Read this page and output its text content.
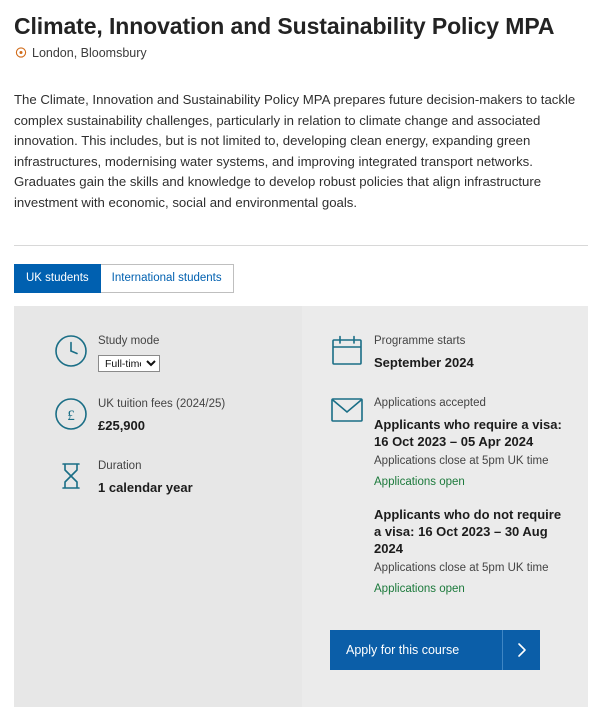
Climate, Innovation and Sustainability Policy MPA
London, Bloomsbury

The Climate, Innovation and Sustainability Policy MPA prepares future decision-makers to tackle complex sustainability challenges, particularly in relation to climate change and associated innovation. This includes, but is not limited to, developing clean energy, expanding green infrastructures, modernising water systems, and improving integrated transport networks. Graduates gain the skills and knowledge to develop robust policies that align infrastructure investment with economic, social and environmental goals.

UK students	International students
Study mode
Full-time
£
UK tuition fees (2024/25)
£25,900
Duration
1 calendar year
Programme starts
September 2024
Applications accepted
Applicants who require a visa: 16 Oct 2023 – 05 Apr 2024
Applications close at 5pm UK time
Applications open
Applicants who do not require a visa: 16 Oct 2023 – 30 Aug 2024
Applications close at 5pm UK time
Applications open
Apply for this course
